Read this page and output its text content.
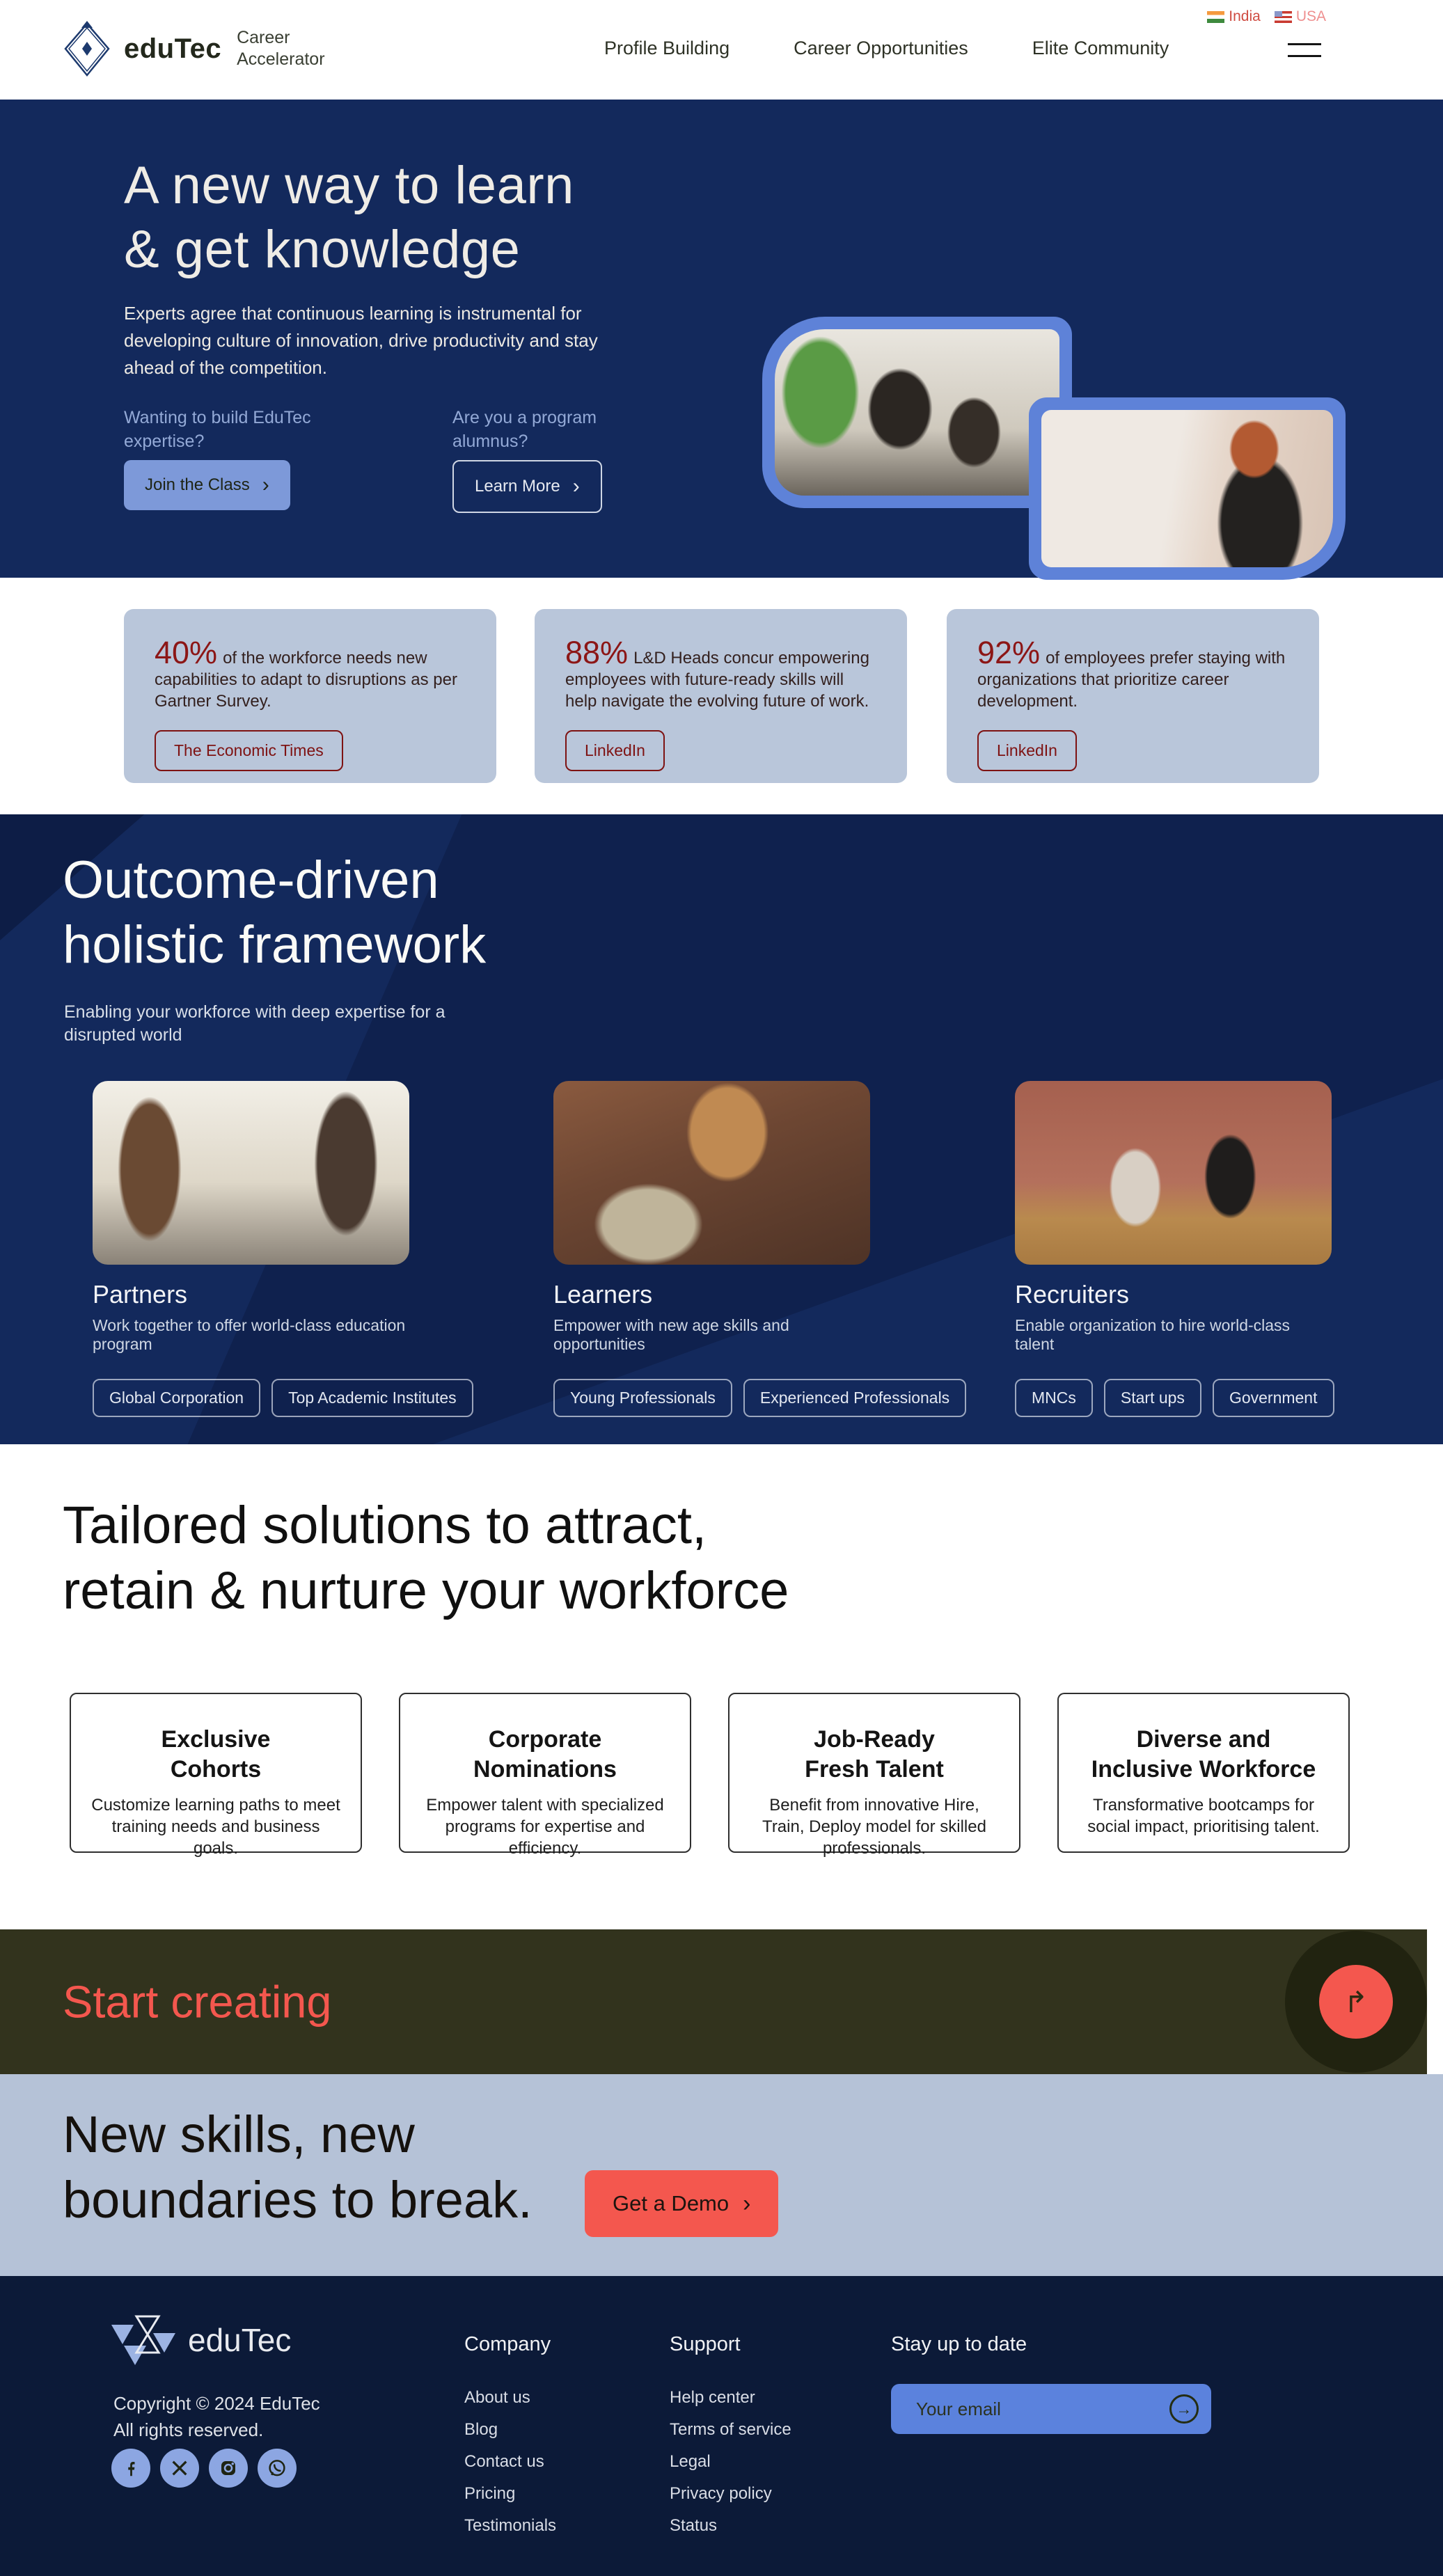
eduTec Career
Accelerator
Profile Building	Career Opportunities	Elite Community
India USA
A new way to learn
& get knowledge
Experts agree that continuous learning is instrumental for developing culture of innovation, drive productivity and stay ahead of the competition.
Wanting to build EduTec expertise?
Are you a program alumnus?
Join the Class ›	Learn More ›
40% of the workforce needs new capabilities to adapt to disruptions as per Gartner Survey.
The Economic Times
88% L&D Heads concur empowering employees with future-ready skills will help navigate the evolving future of work.
LinkedIn
92% of employees prefer staying with organizations that prioritize career development.
LinkedIn
Outcome-driven
holistic framework
Enabling your workforce with deep expertise for a disrupted world
Partners
Work together to offer world-class education program
Global Corporation	Top Academic Institutes
Learners
Empower with new age skills and opportunities
Young Professionals	Experienced Professionals
Recruiters
Enable organization to hire world-class talent
MNCs	Start ups	Government
Tailored solutions to attract,
retain & nurture your workforce
Exclusive
Cohorts

Customize learning paths to meet training needs and business goals.

Corporate
Nominations

Empower talent with specialized programs for expertise and efficiency.

Job-Ready
Fresh Talent

Benefit from innovative Hire, Train, Deploy model for skilled professionals.

Diverse and
Inclusive Workforce

Transformative bootcamps for social impact, prioritising talent.

Start creating	↱
New skills, new
boundaries to break.	Get a Demo ›
eduTec
Copyright © 2024 EduTec
All rights reserved.
Company
About us
Blog
Contact us
Pricing
Testimonials
Support
Help center
Terms of service
Legal
Privacy policy
Status
Stay up to date
Your email
→
